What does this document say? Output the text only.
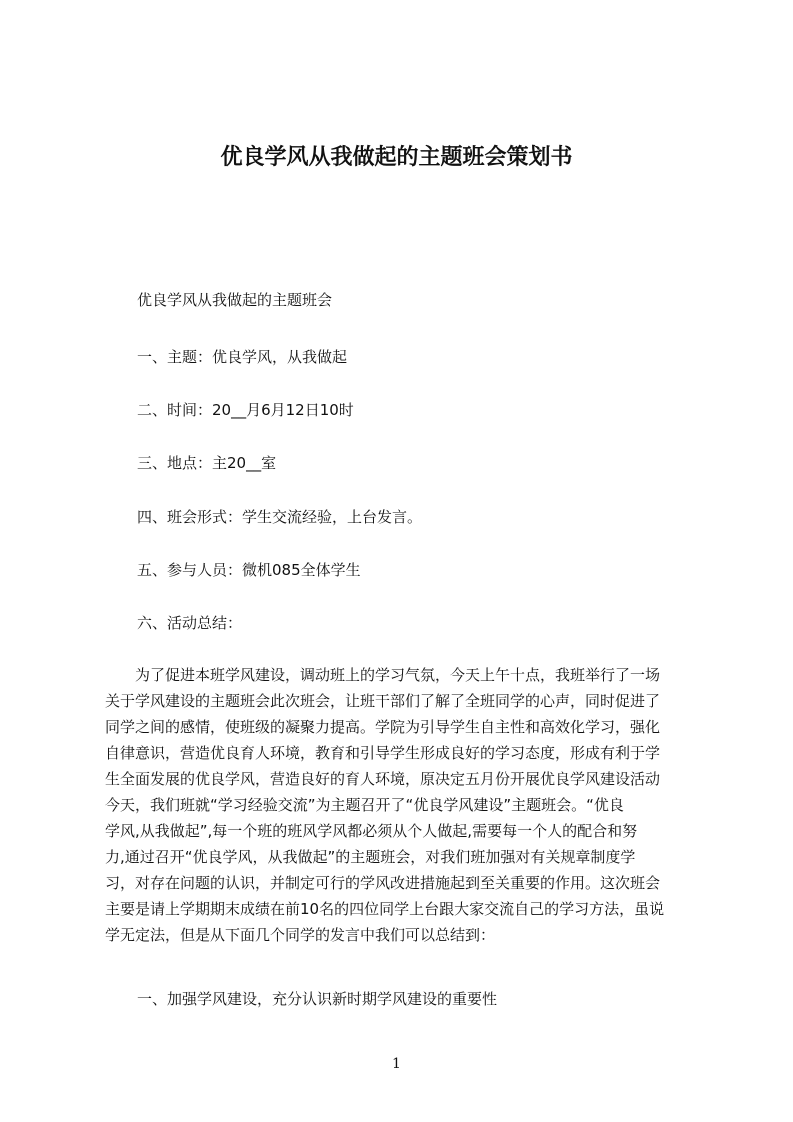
优良学风从我做起的主题班会策划书

优良学风从我做起的主题班会

一、主题：优良学风，从我做起

二、时间：20__月6月12日10时

三、地点：主20__室

四、班会形式：学生交流经验，上台发言。

五、参与人员：微机085全体学生

六、活动总结：

　　为了促进本班学风建设，调动班上的学习气氛，今天上午十点，我班举行了一场
关于学风建设的主题班会此次班会，让班干部们了解了全班同学的心声，同时促进了
同学之间的感情，使班级的凝聚力提高。学院为引导学生自主性和高效化学习，强化
自律意识，营造优良育人环境，教育和引导学生形成良好的学习态度，形成有利于学
生全面发展的优良学风，营造良好的育人环境，原决定五月份开展优良学风建设活动
今天，我们班就“学习经验交流”为主题召开了“优良学风建设”主题班会。“优良
学风,从我做起”,每一个班的班风学风都必须从个人做起,需要每一个人的配合和努
力,通过召开“优良学风，从我做起”的主题班会，对我们班加强对有关规章制度学
习，对存在问题的认识，并制定可行的学风改进措施起到至关重要的作用。这次班会
主要是请上学期期末成绩在前10名的四位同学上台跟大家交流自己的学习方法，虽说
学无定法，但是从下面几个同学的发言中我们可以总结到：

一、加强学风建设，充分认识新时期学风建设的重要性

1
